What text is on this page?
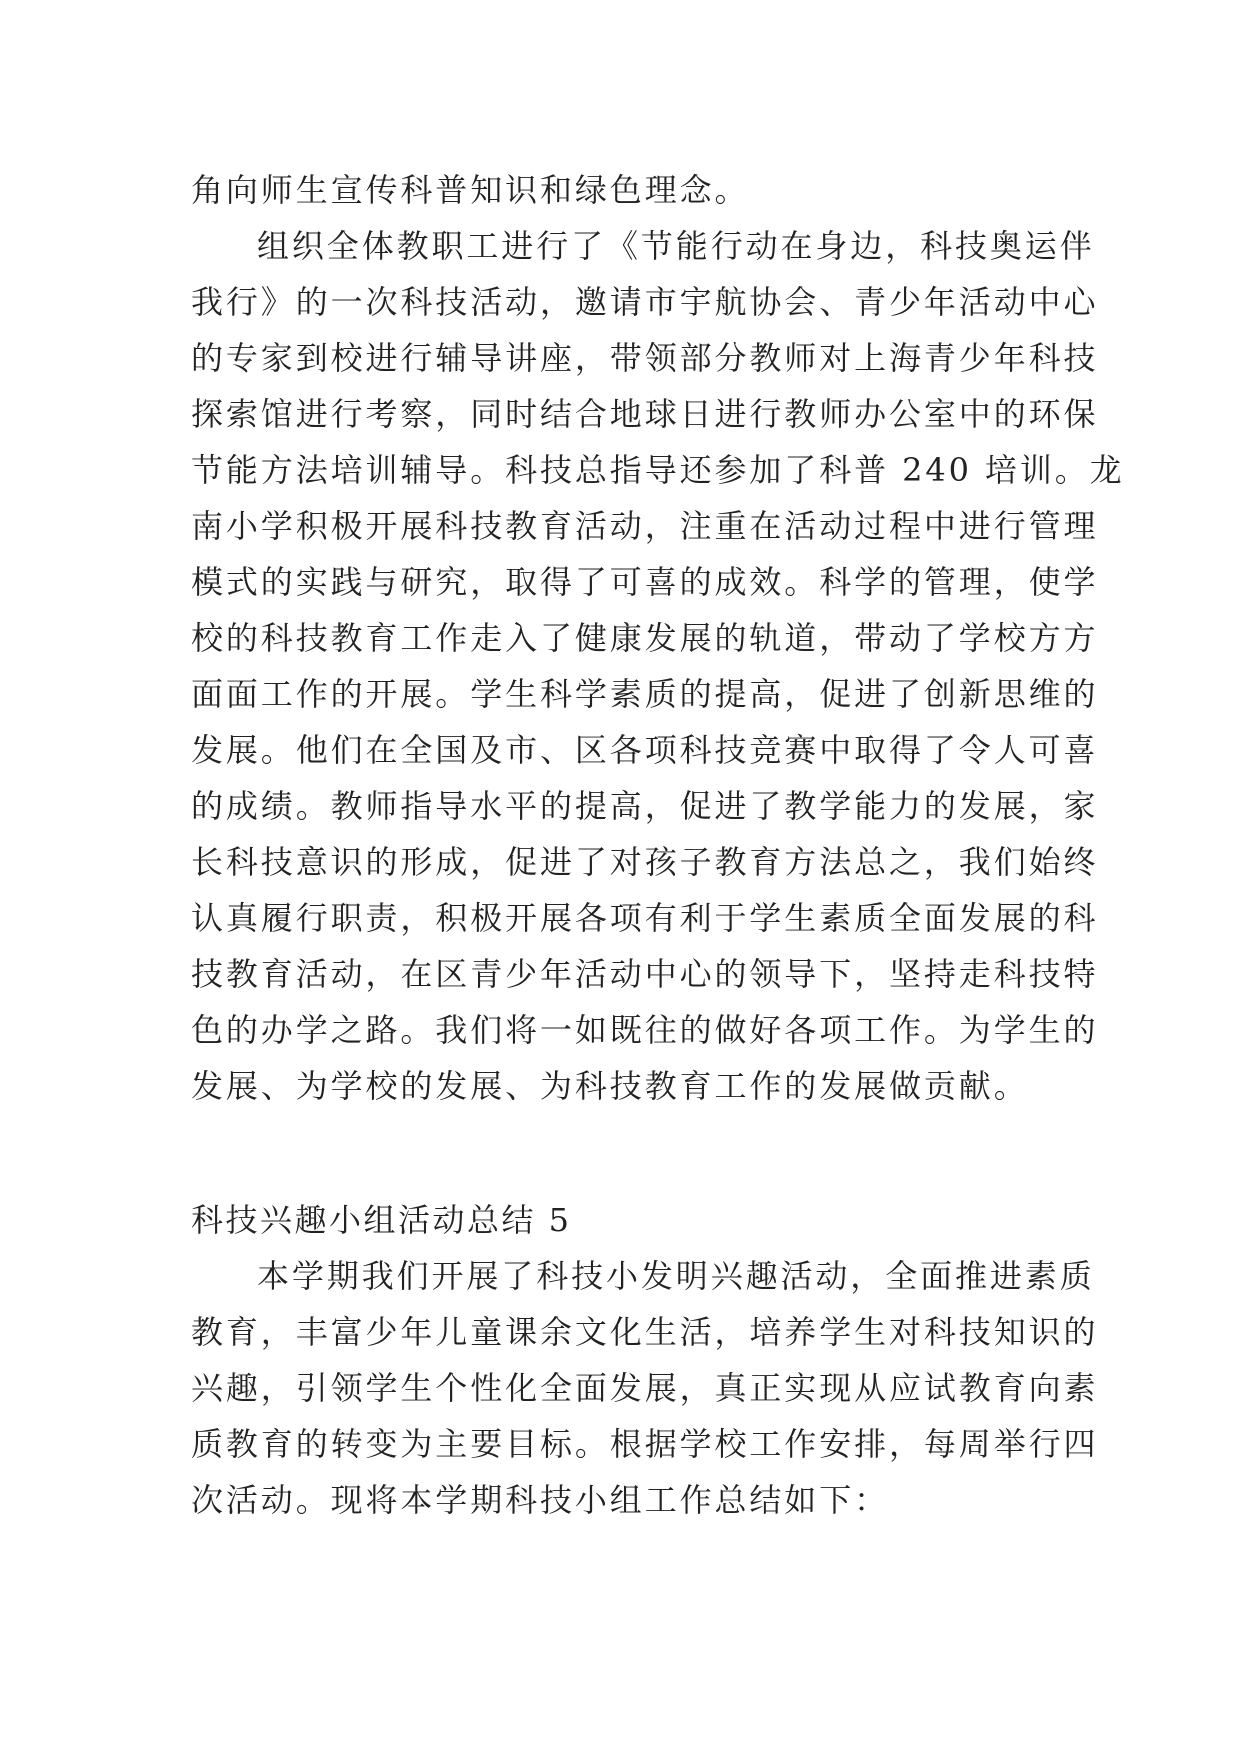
角向师生宣传科普知识和绿色理念。
组织全体教职工进行了《节能行动在身边，科技奥运伴
我行》的一次科技活动，邀请市宇航协会、青少年活动中心
的专家到校进行辅导讲座，带领部分教师对上海青少年科技
探索馆进行考察，同时结合地球日进行教师办公室中的环保
节能方法培训辅导。科技总指导还参加了科普 240 培训。龙
南小学积极开展科技教育活动，注重在活动过程中进行管理
模式的实践与研究，取得了可喜的成效。科学的管理，使学
校的科技教育工作走入了健康发展的轨道，带动了学校方方
面面工作的开展。学生科学素质的提高，促进了创新思维的
发展。他们在全国及市、区各项科技竞赛中取得了令人可喜
的成绩。教师指导水平的提高，促进了教学能力的发展，家
长科技意识的形成，促进了对孩子教育方法总之，我们始终
认真履行职责，积极开展各项有利于学生素质全面发展的科
技教育活动，在区青少年活动中心的领导下，坚持走科技特
色的办学之路。我们将一如既往的做好各项工作。为学生的
发展、为学校的发展、为科技教育工作的发展做贡献。
科技兴趣小组活动总结 5
本学期我们开展了科技小发明兴趣活动，全面推进素质
教育，丰富少年儿童课余文化生活，培养学生对科技知识的
兴趣，引领学生个性化全面发展，真正实现从应试教育向素
质教育的转变为主要目标。根据学校工作安排，每周举行四
次活动。现将本学期科技小组工作总结如下：
